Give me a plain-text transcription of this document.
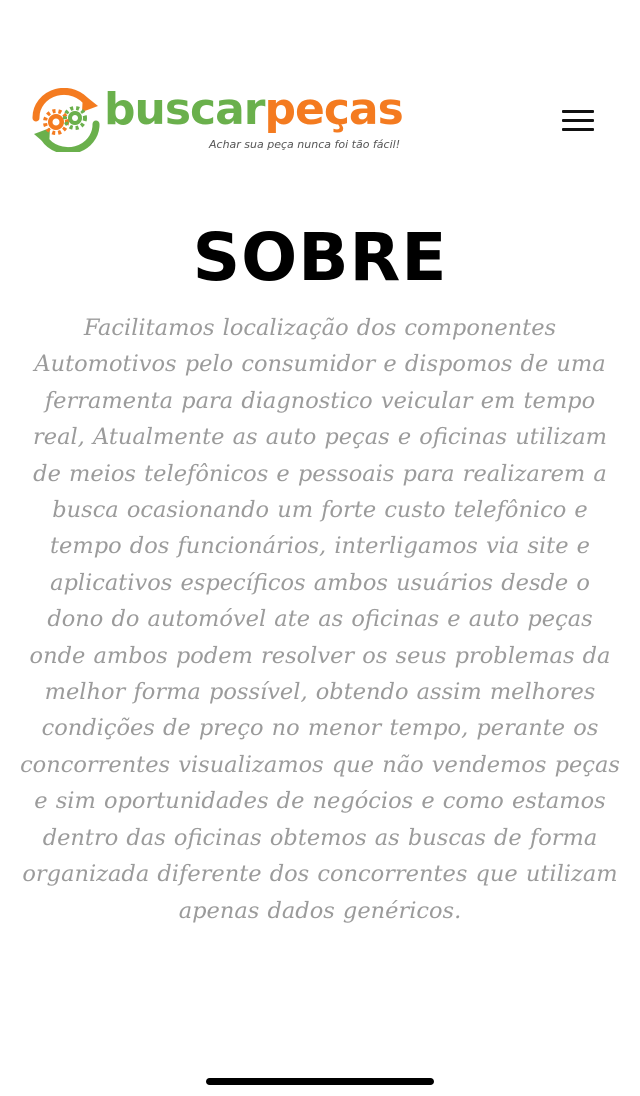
buscarpeças
Achar sua peça nunca foi tão fácil!
SOBRE

Facilitamos localização dos componentes Automotivos pelo consumidor e dispomos de uma ferramenta para diagnostico veicular em tempo real, Atualmente as auto peças e oficinas utilizam de meios telefônicos e pessoais para realizarem a busca ocasionando um forte custo telefônico e tempo dos funcionários, interligamos via site e aplicativos específicos ambos usuários desde o dono do automóvel ate as oficinas e auto peças onde ambos podem resolver os seus problemas da melhor forma possível, obtendo assim melhores condições de preço no menor tempo, perante os concorrentes visualizamos que não vendemos peças e sim oportunidades de negócios e como estamos dentro das oficinas obtemos as buscas de forma organizada diferente dos concorrentes que utilizam apenas dados genéricos.
